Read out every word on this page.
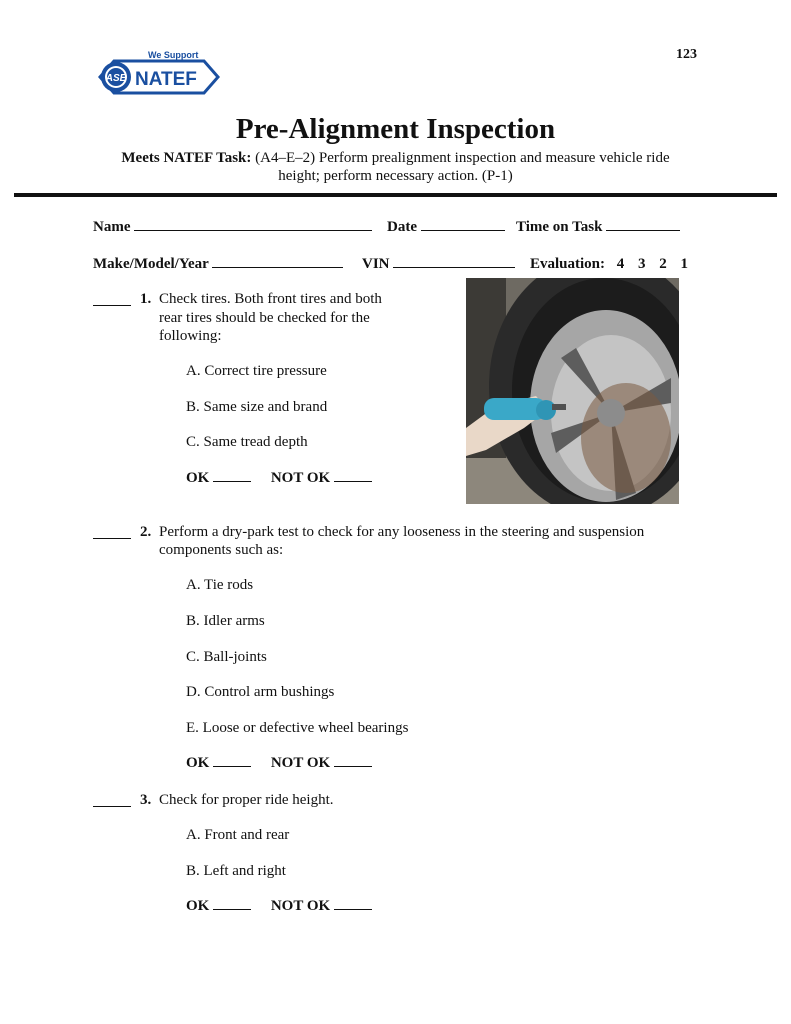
ASE NATEF
We Support	123
Pre-Alignment Inspection
Meets NATEF Task: (A4–E–2) Perform prealignment inspection and measure vehicle ride
height; perform necessary action. (P-1)
Name	Date	Time on Task
Make/Model/Year	VIN	Evaluation: 4 3 2 1
1. Check tires. Both front tires and both
rear tires should be checked for the
following:
A. Correct tire pressure
B. Same size and brand
C. Same tread depth
OK	NOT OK
2. Perform a dry-park test to check for any looseness in the steering and suspension
components such as:
A. Tie rods
B. Idler arms
C. Ball-joints
D. Control arm bushings
E. Loose or defective wheel bearings
OK	NOT OK
3. Check for proper ride height.
A. Front and rear
B. Left and right
OK	NOT OK
